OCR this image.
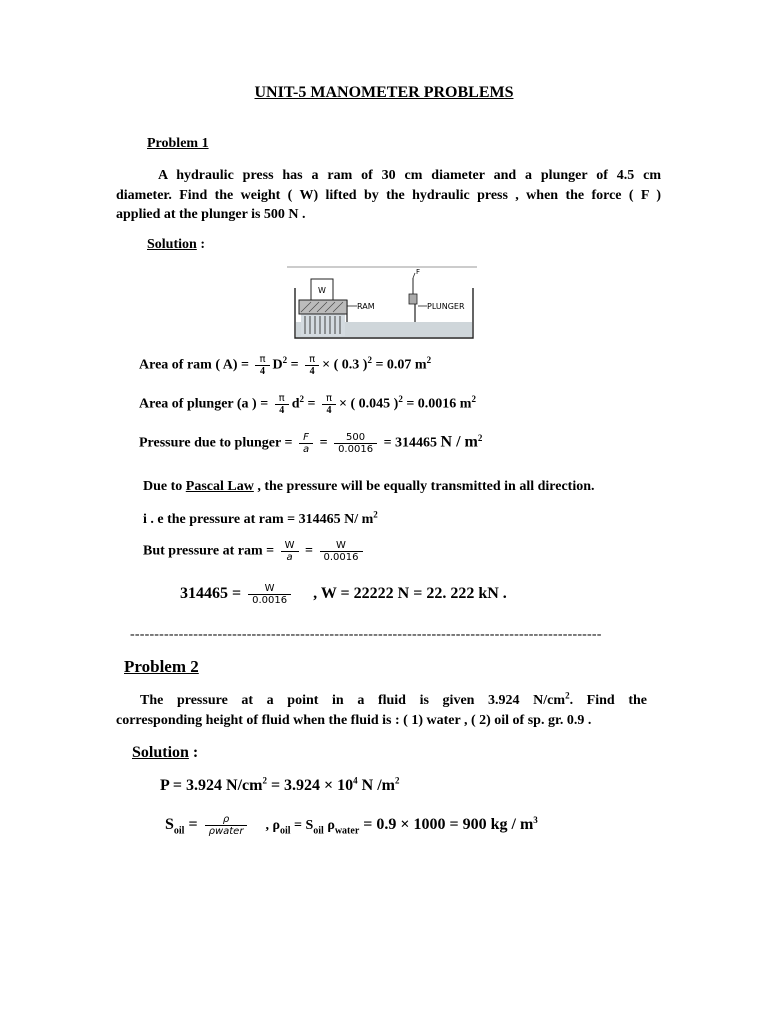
UNIT-5 MANOMETER PROBLEMS
Problem 1
A hydraulic press has a ram of 30 cm diameter and a plunger of 4.5 cm
diameter. Find the weight ( W) lifted by the hydraulic press , when the force ( F )
applied at the plunger is 500 N .
Solution :
W
RAM
F
PLUNGER
Area of ram ( $A) = \frac{\pi}{4} D^2 = \frac{\pi}{4}$ × ( 0.3 )$^2$ = 0.07 $m^2$
Area of plunger (a ) = $\frac{\pi}{4} d^2 = \frac{\pi}{4}$ × ( 0.045 )$^2$ = 0.0016 $m^2$
Pressure due to plunger = $\frac{F}{a} = \frac{500}{0.0016} = 314465$ N / $m^2$
Due to Pascal Law , the pressure will be equally transmitted in all direction.
i . e the pressure at ram = 314465 N/ $m^2$
But pressure at ram = $\frac{W}{a} = \frac{W}{0.0016}$
$314465 = \frac{W}{0.0016}$ , W = 22222 N = 22. 222 kN .
-------------------------------------------------------------------------------------------------
Problem 2
The pressure at a point in a fluid is given 3.924 $N/cm^2$. Find the
corresponding height of fluid when the fluid is : ( 1) water , ( 2) oil of sp. gr. 0.9 .
Solution :
P = 3.924 $N/cm^2 = 3.924 \times 10^4$ N $/m^2$
$S_{oil} = \frac{\rho}{\text{ρwater}}$ , $\rho_{oil} = S_{oil}$ $\rho_{water} = 0.9 \times 1000 = 900$ kg / $m^3$
